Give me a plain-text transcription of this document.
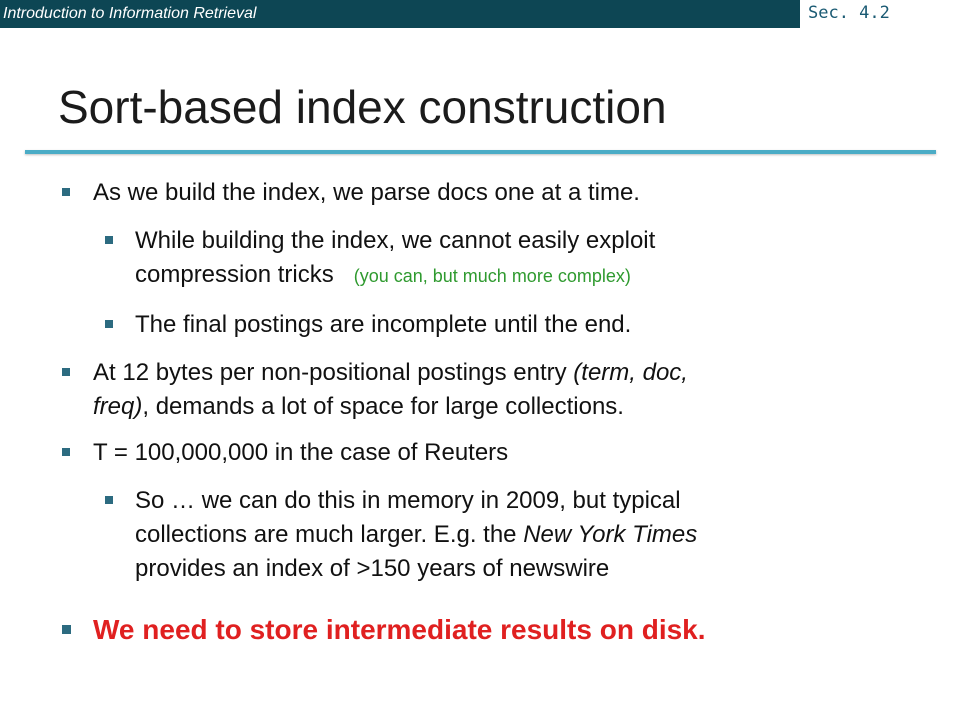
Introduction to Information Retrieval	Sec. 4.2
Sort-based index construction
As we build the index, we parse docs one at a time.
While building the index, we cannot easily exploit
compression tricks (you can, but much more complex)
The final postings are incomplete until the end.
At 12 bytes per non-positional postings entry (term, doc,
freq), demands a lot of space for large collections.
T = 100,000,000 in the case of Reuters
So … we can do this in memory in 2009, but typical
collections are much larger. E.g. the New York Times
provides an index of >150 years of newswire
We need to store intermediate results on disk.
